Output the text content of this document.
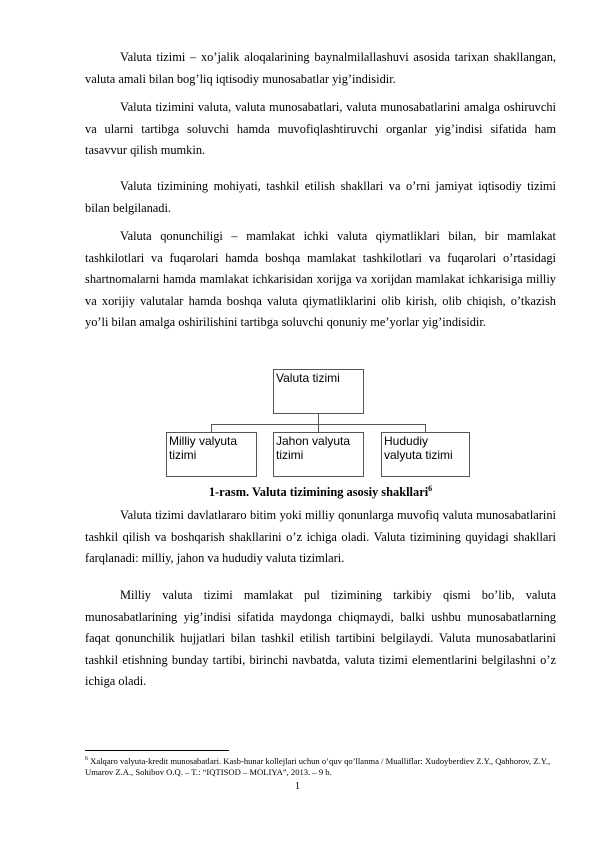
Valuta tizimi – xo’jalik aloqalarining baynalmilallashuvi asosida tarixan shakllangan, valuta amali bilan bog’liq iqtisodiy munosabatlar yig’indisidir.

Valuta tizimini valuta, valuta munosabatlari, valuta munosabatlarini amalga oshiruvchi va ularni tartibga soluvchi hamda muvofiqlashtiruvchi organlar yig’indisi sifatida ham tasavvur qilish mumkin.

Valuta tizimining mohiyati, tashkil etilish shakllari va o’rni jamiyat iqtisodiy tizimi bilan belgilanadi.

Valuta qonunchiligi – mamlakat ichki valuta qiymatliklari bilan, bir mamlakat tashkilotlari va fuqarolari hamda boshqa mamlakat tashkilotlari va fuqarolari o’rtasidagi shartnomalarni hamda mamlakat ichkarisidan xorijga va xorijdan mamlakat ichkarisiga milliy va xorijiy valutalar hamda boshqa valuta qiymatliklarini olib kirish, olib chiqish, o’tkazish yo’li bilan amalga oshirilishini tartibga soluvchi qonuniy me’yorlar yig’indisidir.

Valuta tizimi
Milliy valyuta tizimi
Jahon valyuta tizimi
Hududiy valyuta tizimi
1-rasm. Valuta tizimining asosiy shakllari$^6$

Valuta tizimi davlatlararo bitim yoki milliy qonunlarga muvofiq valuta munosabatlarini tashkil qilish va boshqarish shakllarini o’z ichiga oladi. Valuta tizimining quyidagi shakllari farqlanadi: milliy, jahon va hududiy valuta tizimlari.

Milliy valuta tizimi mamlakat pul tizimining tarkibiy qismi bo’lib, valuta munosabatlarining yig’indisi sifatida maydonga chiqmaydi, balki ushbu munosabatlarning faqat qonunchilik hujjatlari bilan tashkil etilish tartibini belgilaydi. Valuta munosabatlarini tashkil etishning bunday tartibi, birinchi navbatda, valuta tizimi elementlarini belgilashni o’z ichiga oladi.

$^6$ Xalqaro valyuta-kredit munosabatlari. Kasb-hunar kollejlari uchun o’quv qo’llanma / Mualliflar: Xudoyberdiev Z.Y., Qahhorov, Z.Y., Umarov Z.A., Sohibov O.Q. – T.: “IQTISOD – MOLIYA”, 2013. – 9 b.

1
